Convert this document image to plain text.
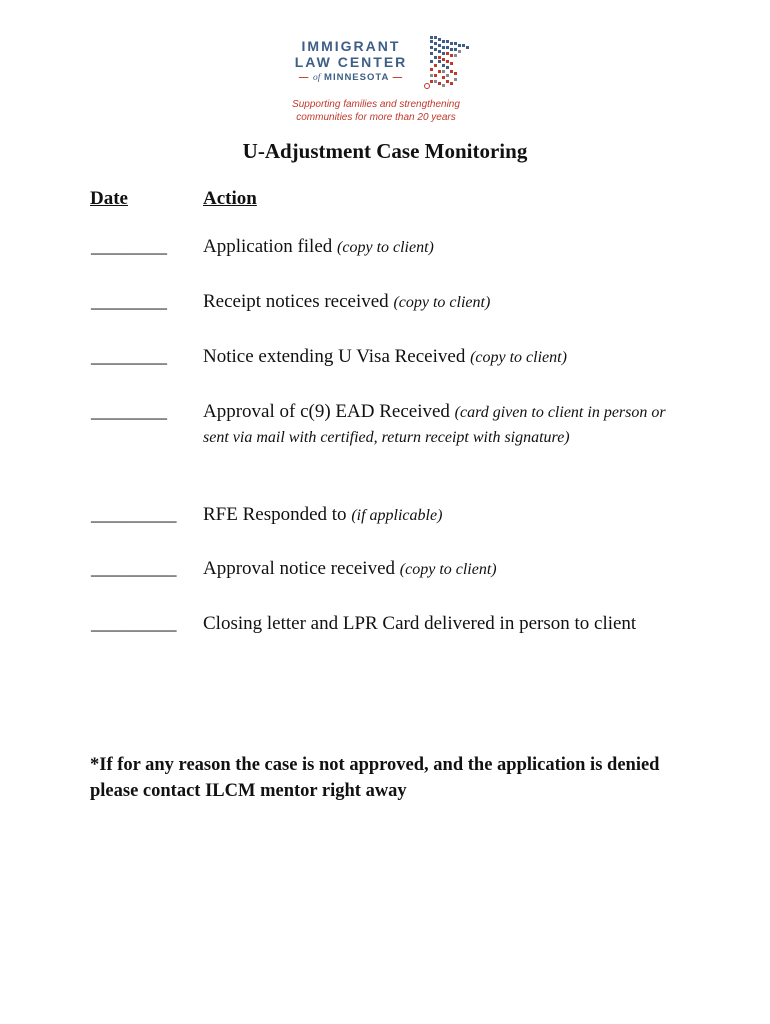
IMMIGRANT
LAW CENTER
— of MINNESOTA —
Supporting families and strengthening
communities for more than 20 years
U-Adjustment Case Monitoring
Date	Action
________ Application filed (copy to client)
________ Receipt notices received (copy to client)
________ Notice extending U Visa Received (copy to client)
________ Approval of c(9) EAD Received (card given to client in person or sent via mail with certified, return receipt with signature)
_________ RFE Responded to (if applicable)
_________ Approval notice received (copy to client)
_________ Closing letter and LPR Card delivered in person to client
*If for any reason the case is not approved, and the application is denied please contact ILCM mentor right away
